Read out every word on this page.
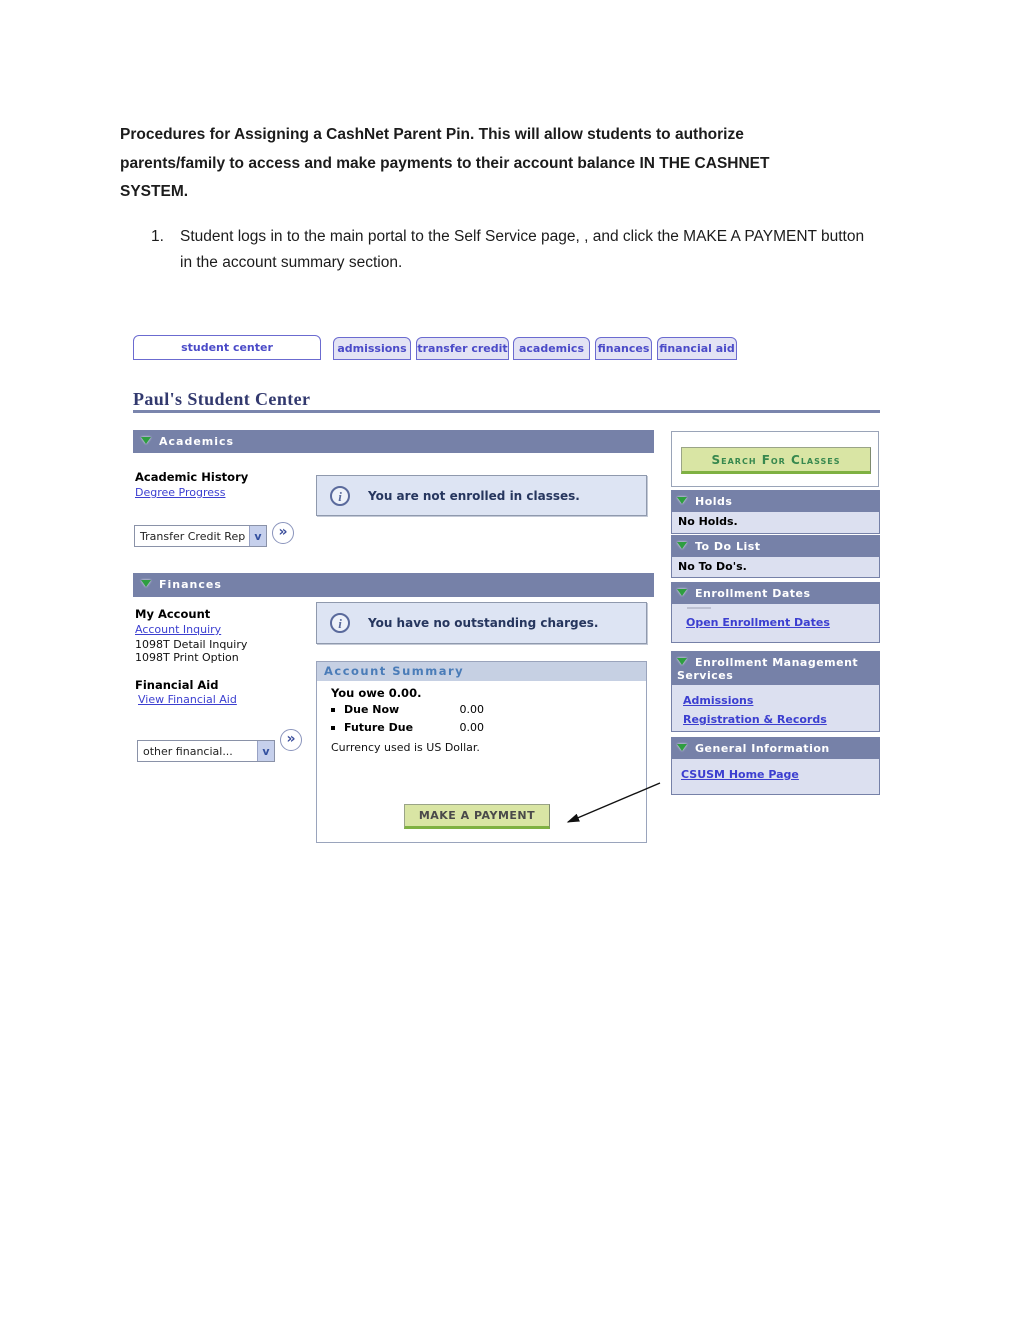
Procedures for Assigning a CashNet Parent Pin. This will allow students to authorize parents/family to access and make payments to their account balance IN THE CASHNET SYSTEM.

1.	Student logs in to the main portal to the Self Service page, , and click the MAKE A PAYMENT button in the account summary section.
student center	admissions transfer credit academics finances financial aid
Paul's Student Center
Academics
Academic History
Degree Progress
Transfer Credit Rep v	»
i	You are not enrolled in classes.
Finances
My Account
Account Inquiry
1098T Detail Inquiry
1098T Print Option
Financial Aid
View Financial Aid
other financial...	v
»
i	You have no outstanding charges.
Account Summary
You owe 0.00.
Due Now	0.00
Future Due	0.00
Currency used is US Dollar.
MAKE A PAYMENT
Search For Classes
Holds
No Holds.
To Do List
No To Do's.
Enrollment Dates
Open Enrollment Dates
Enrollment Management Services
Admissions
Registration & Records
General Information
CSUSM Home Page
